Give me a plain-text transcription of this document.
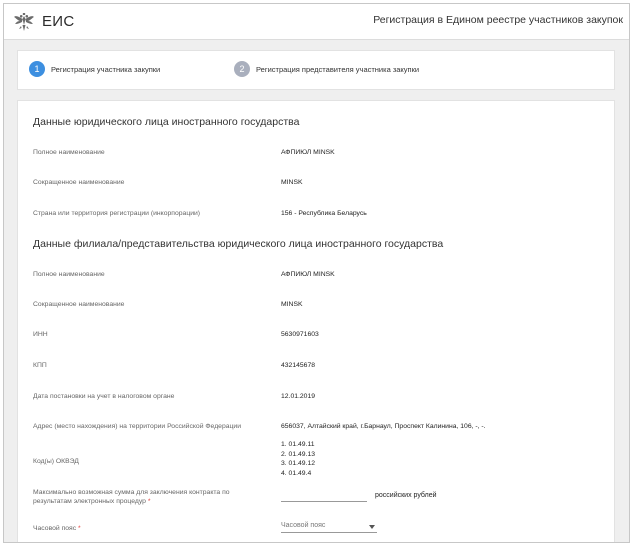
ЕИС	Регистрация в Едином реестре участников закупок
1	Регистрация участника закупки	2	Регистрация представителя участника закупки
Данные юридического лица иностранного государства
Полное наименование	АФПИЮЛ MINSK
Сокращенное наименование	MINSK
Страна или территория регистрации (инкорпорации)	156 - Республика Беларусь
Данные филиала/представительства юридического лица иностранного государства
Полное наименование	АФПИЮЛ MINSK
Сокращенное наименование	MINSK
ИНН	5630971603
КПП	432145678
Дата постановки на учет в налоговом органе	12.01.2019
Адрес (место нахождения) на территории Российской Федерации	656037, Алтайский край, г.Барнаул, Проспект Калинина, 106, -, -.
Код(ы) ОКВЭД
1. 01.49.11
2. 01.49.13
3. 01.49.12
4. 01.49.4
Максимально возможная сумма для заключения контракта по результатам электронных процедур *
российских рублей
Часовой пояс *	Часовой пояс
